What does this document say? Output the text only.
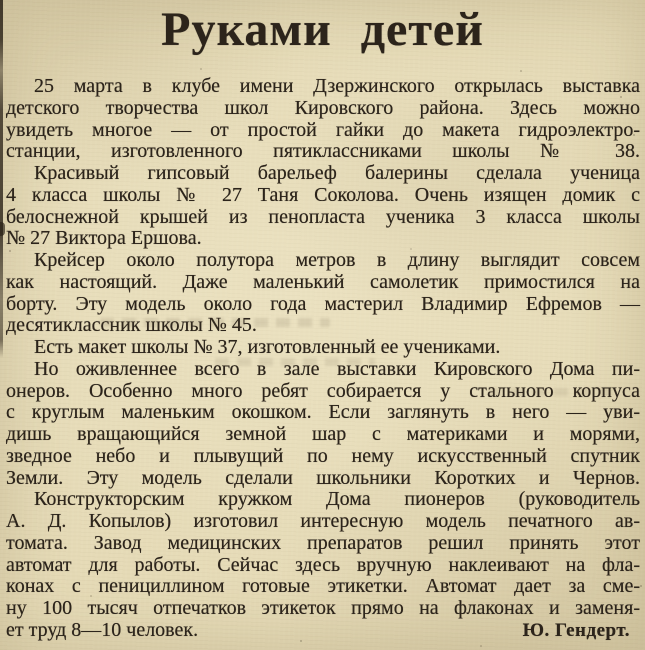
Руками детей
25 марта в клубе имени Дзержинского открылась выставка
детского творчества школ Кировского района. Здесь можно
увидеть многое — от простой гайки до макета гидроэлектро-
станции, изготовленного пятиклассниками школы № 38.
Красивый гипсовый барельеф балерины сделала ученица
4 класса школы № 27 Таня Соколова. Очень изящен домик с
белоснежной крышей из пенопласта ученика 3 класса школы
№ 27 Виктора Ершова.
Крейсер около полутора метров в длину выглядит совсем
как настоящий. Даже маленький самолетик примостился на
борту. Эту модель около года мастерил Владимир Ефремов —
десятиклассник школы № 45.
Есть макет школы № 37, изготовленный ее учениками.
Но оживленнее всего в зале выставки Кировского Дома пи-
онеров. Особенно много ребят собирается у стального корпуса
с круглым маленьким окошком. Если заглянуть в него — уви-
дишь вращающийся земной шар с материками и морями,
зведное небо и плывущий по нему искусственный спутник
Земли. Эту модель сделали школьники Коротких и Чернов.
Конструкторским кружком Дома пионеров (руководитель
А. Д. Копылов) изготовил интересную модель печатного ав-
томата. Завод медицинских препаратов решил принять этот
автомат для работы. Сейчас здесь вручную наклеивают на фла-
конах с пенициллином готовые этикетки. Автомат дает за сме-
ну 100 тысяч отпечатков этикеток прямо на флаконах и заменя-
ет труд 8—10 человек.	Ю. Гендерт.
